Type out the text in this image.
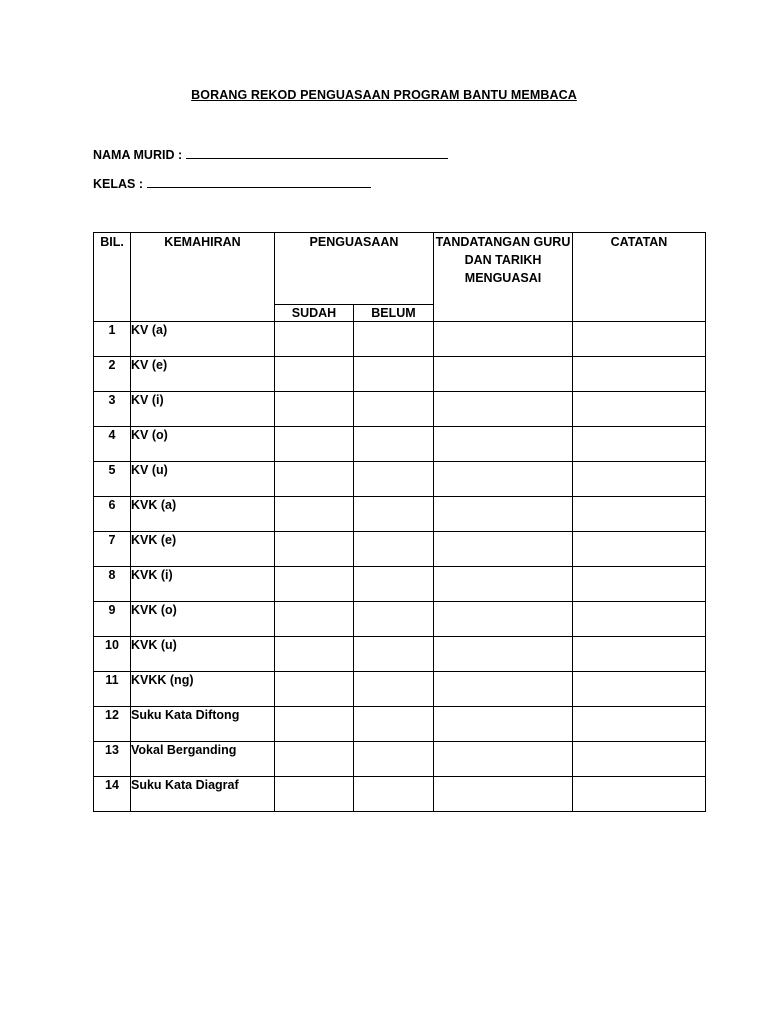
BORANG REKOD PENGUASAAN PROGRAM BANTU MEMBACA
NAMA MURID :
KELAS :
BIL.	KEMAHIRAN	PENGUASAAN		TANDATANGAN GURU DAN TARIKH MENGUASAI	CATATAN
		SUDAH	BELUM		
1	KV (a)				
2	KV (e)				
3	KV (i)				
4	KV (o)				
5	KV (u)				
6	KVK (a)				
7	KVK (e)				
8	KVK (i)				
9	KVK (o)				
10	KVK (u)				
11	KVKK (ng)				
12	Suku Kata Diftong				
13	Vokal Berganding				
14	Suku Kata Diagraf				
